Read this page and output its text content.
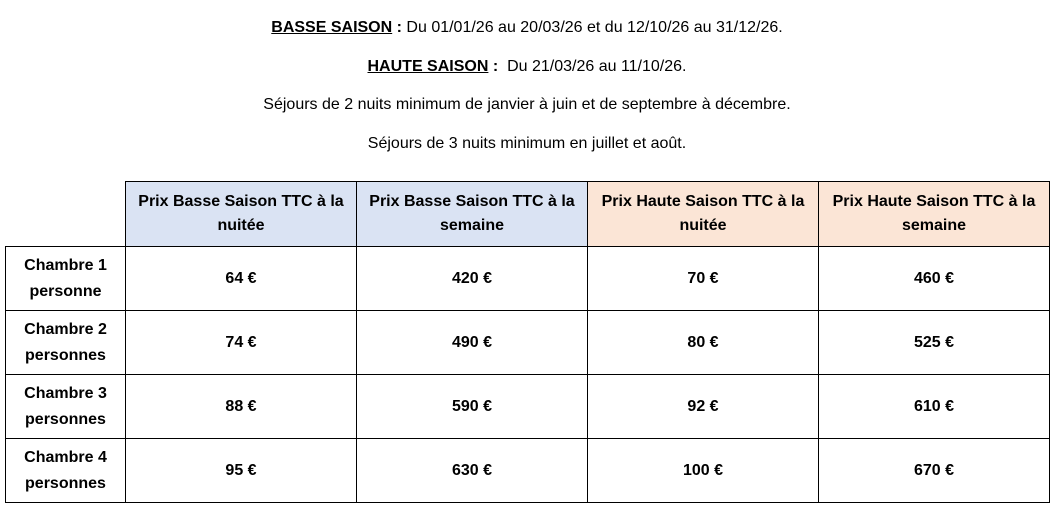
BASSE SAISON : Du 01/01/26 au 20/03/26 et du 12/10/26 au 31/12/26.
HAUTE SAISON :  Du 21/03/26 au 11/10/26.
Séjours de 2 nuits minimum de janvier à juin et de septembre à décembre.
Séjours de 3 nuits minimum en juillet et août.
	Prix Basse Saison TTC à la nuitée	Prix Basse Saison TTC à la semaine	Prix Haute Saison TTC à la nuitée	Prix Haute Saison TTC à la semaine
Chambre 1 personne	64 €	420 €	70 €	460 €
Chambre 2 personnes	74 €	490 €	80 €	525 €
Chambre 3 personnes	88 €	590 €	92 €	610 €
Chambre 4 personnes	95 €	630 €	100 €	670 €
